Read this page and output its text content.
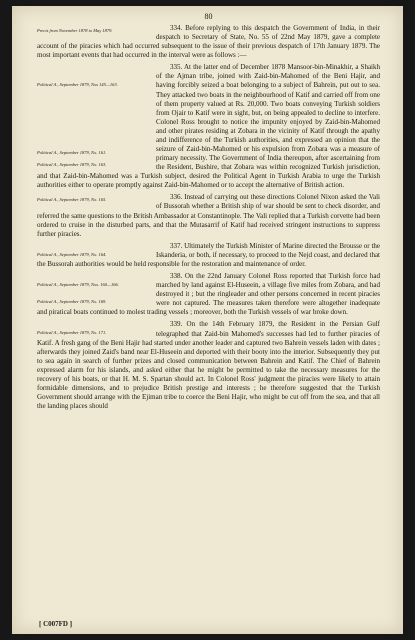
80
Precis from November 1878 to May 1879.	334. Before replying to this despatch the Government of India, in their despatch to Secretary of State, No. 55 of 22nd May 1879, gave a complete account of the piracies which had occurred subsequent to the issue of their previous despatch of 17th January 1879. The most important events that had occurred in the interval were as follows :—

Political A., September 1879, Nos 145—163.
Political A., September 1879, No. 161.
Political A., September 1879, No. 163.

335. At the latter end of December 1878 Mansoor-bin-Minakhir, a Shaikh of the Ajman tribe, joined with Zaid-bin-Mahomed of the Beni Hajir, and having forcibly seized a boat belonging to a subject of Bahrein, put out to sea. They attacked two boats in the neighbourhood of Katif and carried off from one of them property valued at Rs. 20,000. Two boats conveying Turkish soldiers from Ojair to Katif were in sight, but, on being appealed to decline to interfere. Colonel Ross brought to notice the impunity enjoyed by Zaid-bin-Mahomed and other pirates residing at Zobara in the vicinity of Katif through the apathy and indifference of the Turkish authorities, and expressed an opinion that the seizure of Zaid-bin-Mahomed or his expulsion from Zobara was a measure of primary necessity. The Government of India thereupon, after ascertaining from the Resident, Bushire, that Zobara was within recognized Turkish jurisdiction, and that Zaid-bin-Mahomed was a Turkish subject, desired the Political Agent in Turkish Arabia to urge the Turkish authorities either to operate promptly against Zaid-bin-Mahomed or to accept the alternative of British action.

Political A., September 1879, No. 165.	336. Instead of carrying out these directions Colonel Nixon asked the Vali of Bussorah whether a British ship of war should be sent to check disorder, and referred the same questions to the British Ambassador at Constantinople. The Vali replied that a Turkish corvette had been ordered to cruise in the disturbed parts, and that the Mutasarrif of Katif had received stringent instructions to suppress further piracies.

Political A., September 1879, No. 164.

337. Ultimately the Turkish Minister of Marine directed the Brousse or the Iskanderia, or both, if necessary, to proceed to the Nejd coast, and declared that the Bussorah authorities would be held responsible for the restoration and maintenance of order.

Political A., September 1879, Nos. 160—166.
Political A., September 1879, No. 169.

338. On the 22nd January Colonel Ross reported that Turkish force had marched by land against El-Huseein, a village five miles from Zobara, and had destroyed it ; but the ringleader and other persons concerned in recent piracies were not captured. The measures taken therefore were altogether inadequate and piratical boats continued to molest trading vessels ; moreover, both the Turkish vessels of war broke down.

Political A., September 1879, No. 171.

339. On the 14th February 1879, the Resident in the Persian Gulf telegraphed that Zaid-bin Mahomed's successes had led to further piracies of Katif. A fresh gang of the Beni Hajir had started under another leader and captured two Bahrein vessels laden with dates ; afterwards they joined Zaid's band near El-Huseein and deported with their booty into the interior. Subsequently they put to sea again in search of further prizes and closed communication between Bahrein and Katif. The Chief of Bahrein expressed alarm for his islands, and asked either that he might be permitted to take the necessary measures for the recovery of his boats, or that H. M. S. Spartan should act. In Colonel Ross' judgment the piracies were likely to attain formidable dimensions, and to prejudice British prestige and interests ; he therefore suggested that the Turkish Government should arrange with the Ejiman tribe to coerce the Beni Hajir, who might be cut off from the sea, and that all the landing places should

[ C007FD ]
